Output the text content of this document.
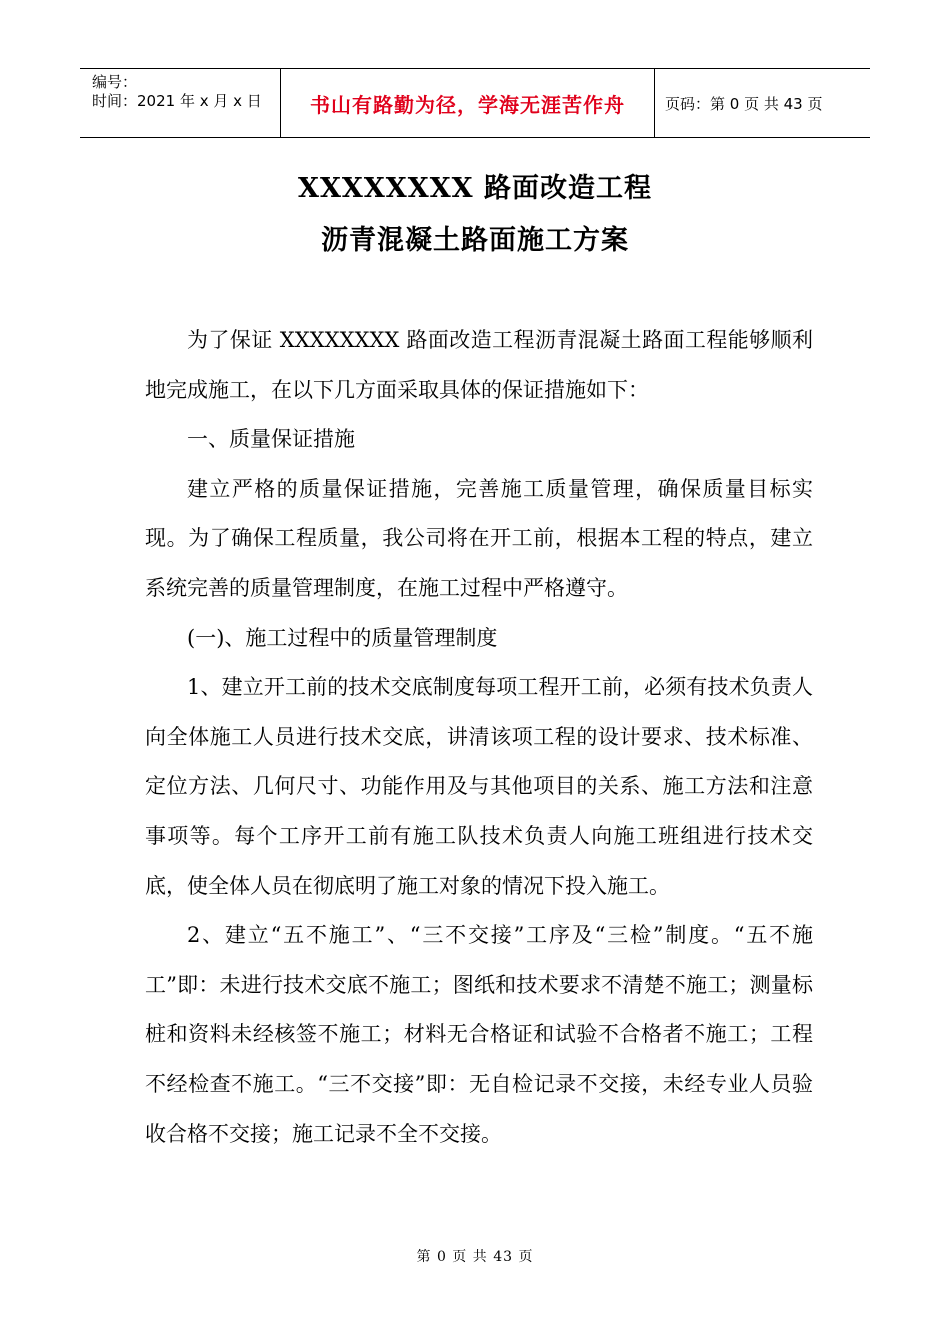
编号：
时间：2021 年 x 月 x 日	书山有路勤为径，学海无涯苦作舟	页码：第 0 页 共 43 页
XXXXXXXX 路面改造工程
沥青混凝土路面施工方案

为了保证 XXXXXXXX 路面改造工程沥青混凝土路面工程能够顺利地完成施工，在以下几方面采取具体的保证措施如下：

一、质量保证措施

建立严格的质量保证措施，完善施工质量管理，确保质量目标实现。为了确保工程质量，我公司将在开工前，根据本工程的特点，建立系统完善的质量管理制度，在施工过程中严格遵守。

(一)、施工过程中的质量管理制度

1、建立开工前的技术交底制度每项工程开工前，必须有技术负责人向全体施工人员进行技术交底，讲清该项工程的设计要求、技术标准、定位方法、几何尺寸、功能作用及与其他项目的关系、施工方法和注意事项等。每个工序开工前有施工队技术负责人向施工班组进行技术交底，使全体人员在彻底明了施工对象的情况下投入施工。

2、建立“五不施工”、“三不交接”工序及“三检”制度。“五不施工”即：未进行技术交底不施工；图纸和技术要求不清楚不施工；测量标桩和资料未经核签不施工；材料无合格证和试验不合格者不施工；工程不经检查不施工。“三不交接”即：无自检记录不交接，未经专业人员验收合格不交接；施工记录不全不交接。

第 0 页 共 43 页
